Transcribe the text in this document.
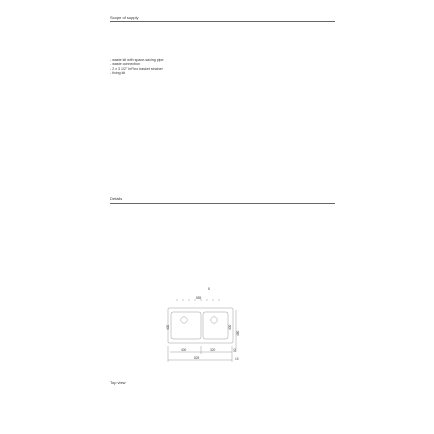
Scope of supply
- waste kit with space-saving pipe
- waste connection
- 2 x 3 1/2" InFino basket strainer
- fixing kit
Details
855
8
400	400
480
400	320
825
50
15
Top view
